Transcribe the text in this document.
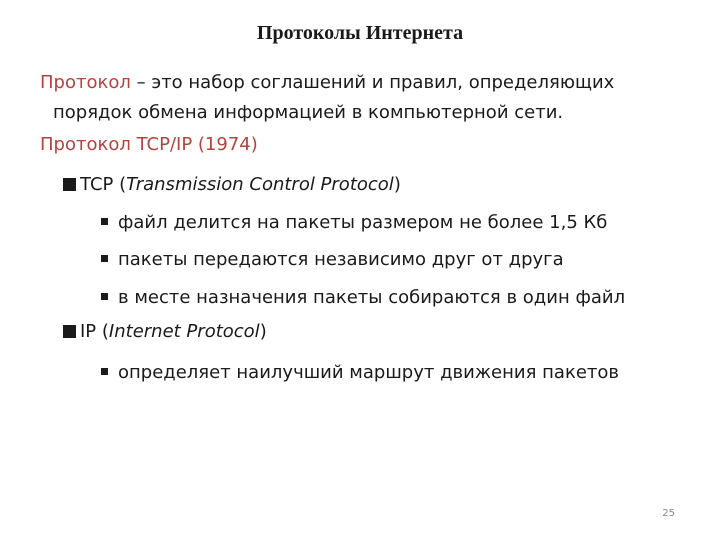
Протоколы Интернета
Протокол – это набор соглашений и правил, определяющих
порядок обмена информацией в компьютерной сети.
Протокол TCP/IP (1974)
TCP (Transmission Control Protocol)
файл делится на пакеты размером не более 1,5 Кб
пакеты передаются независимо друг от друга
в месте назначения пакеты собираются в один файл
IP (Internet Protocol)
определяет наилучший маршрут движения пакетов
25
